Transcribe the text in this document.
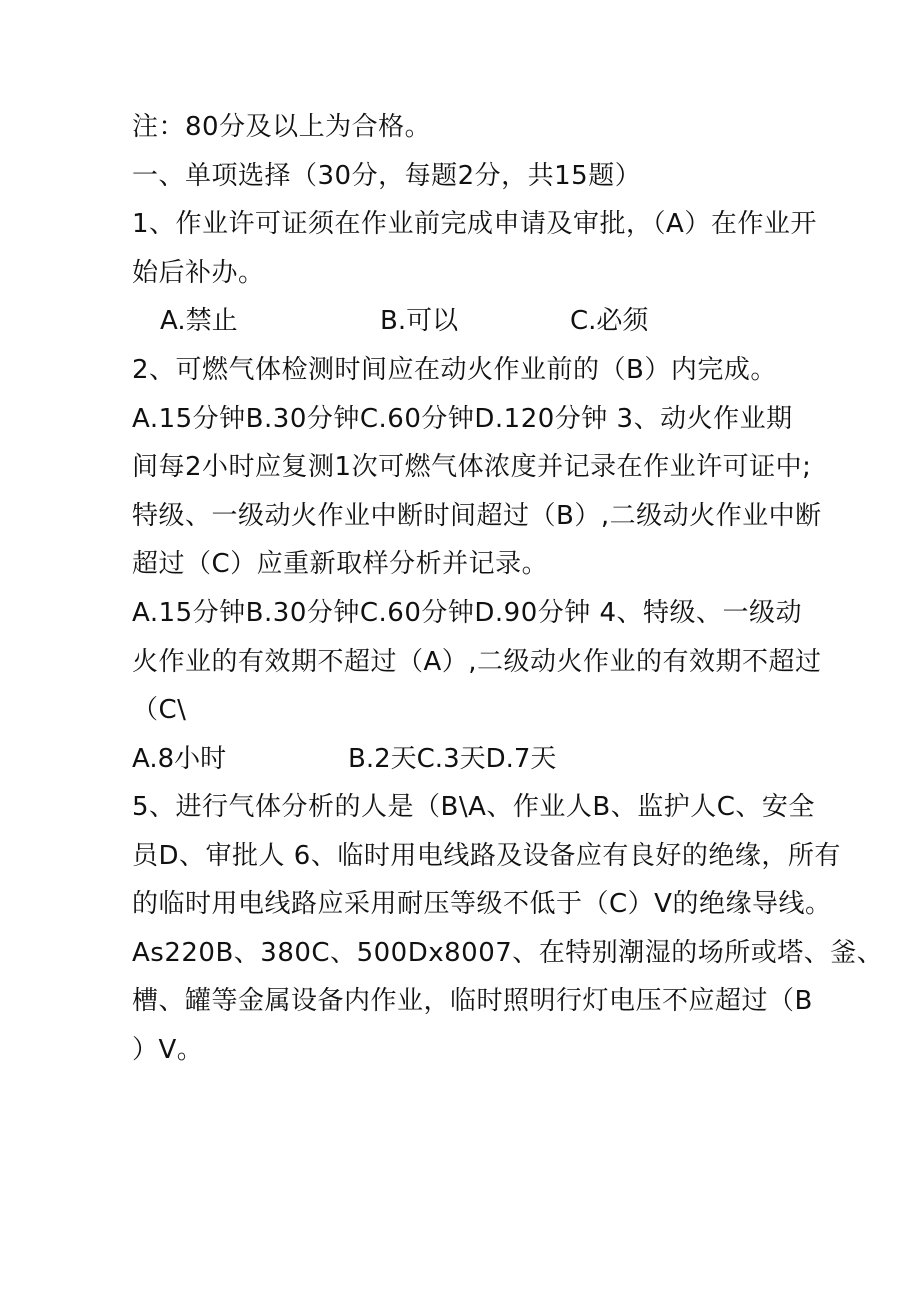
注：80分及以上为合格。
一、单项选择（30分，每题2分，共15题）
1、作业许可证须在作业前完成申请及审批，（A）在作业开
始后补办。
A.禁止	B.可以	C.必须
2、可燃气体检测时间应在动火作业前的（B）内完成。
A.15分钟B.30分钟C.60分钟D.120分钟 3、动火作业期
间每2小时应复测1次可燃气体浓度并记录在作业许可证中;
特级、一级动火作业中断时间超过（B）,二级动火作业中断
超过（C）应重新取样分析并记录。
A.15分钟B.30分钟C.60分钟D.90分钟 4、特级、一级动
火作业的有效期不超过（A）,二级动火作业的有效期不超过
（C\
A.8小时	B.2天C.3天D.7天
5、进行气体分析的人是（B\A、作业人B、监护人C、安全
员D、审批人 6、临时用电线路及设备应有良好的绝缘，所有
的临时用电线路应采用耐压等级不低于（C）V的绝缘导线。
As220B、380C、500Dx8007、在特别潮湿的场所或塔、釜、
槽、罐等金属设备内作业，临时照明行灯电压不应超过（B
）V。
